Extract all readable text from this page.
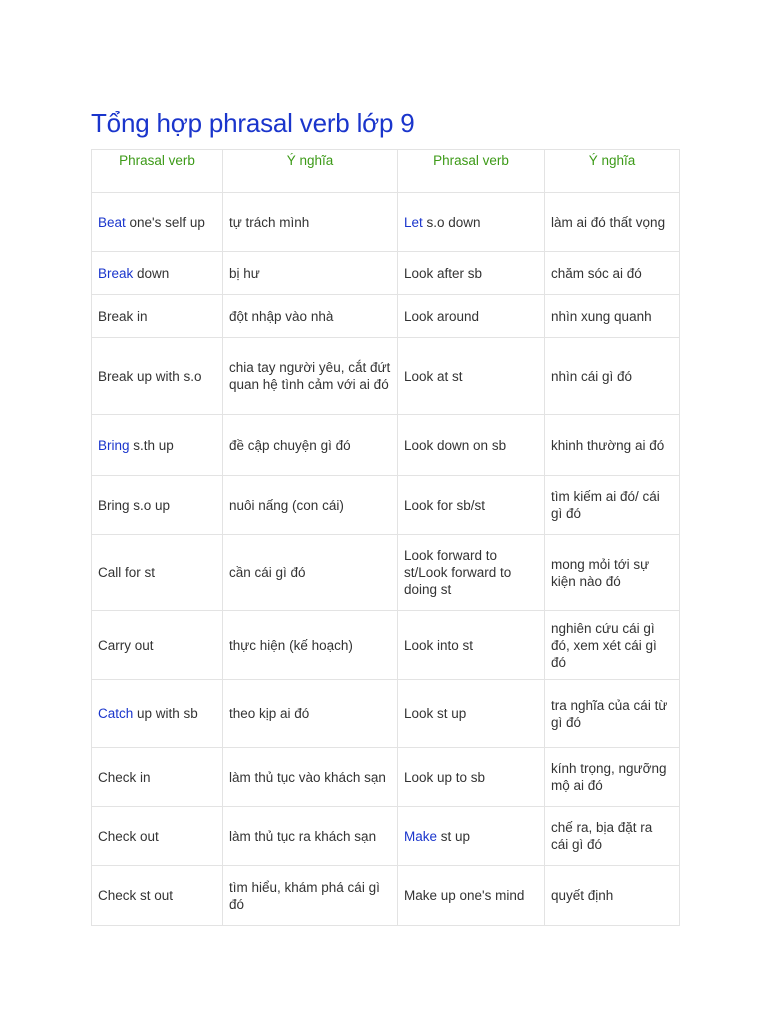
Tổng hợp phrasal verb lớp 9
Phrasal verb	Ý nghĩa	Phrasal verb	Ý nghĩa
Beat one's self up	tự trách mình	Let s.o down	làm ai đó thất vọng
Break down	bị hư	Look after sb	chăm sóc ai đó
Break in	đột nhập vào nhà	Look around	nhìn xung quanh
Break up with s.o	chia tay người yêu, cắt đứt quan hệ tình cảm với ai đó	Look at st	nhìn cái gì đó
Bring s.th up	đề cập chuyện gì đó	Look down on sb	khinh thường ai đó
Bring s.o up	nuôi nấng (con cái)	Look for sb/st	tìm kiếm ai đó/ cái gì đó
Call for st	cần cái gì đó	Look forward to st/Look forward to doing st	mong mỏi tới sự kiện nào đó
Carry out	thực hiện (kế hoạch)	Look into st	nghiên cứu cái gì đó, xem xét cái gì đó
Catch up with sb	theo kịp ai đó	Look st up	tra nghĩa của cái từ gì đó
Check in	làm thủ tục vào khách sạn	Look up to sb	kính trọng, ngưỡng mộ ai đó
Check out	làm thủ tục ra khách sạn	Make st up	chế ra, bịa đặt ra cái gì đó
Check st out	tìm hiểu, khám phá cái gì đó	Make up one's mind	quyết định
